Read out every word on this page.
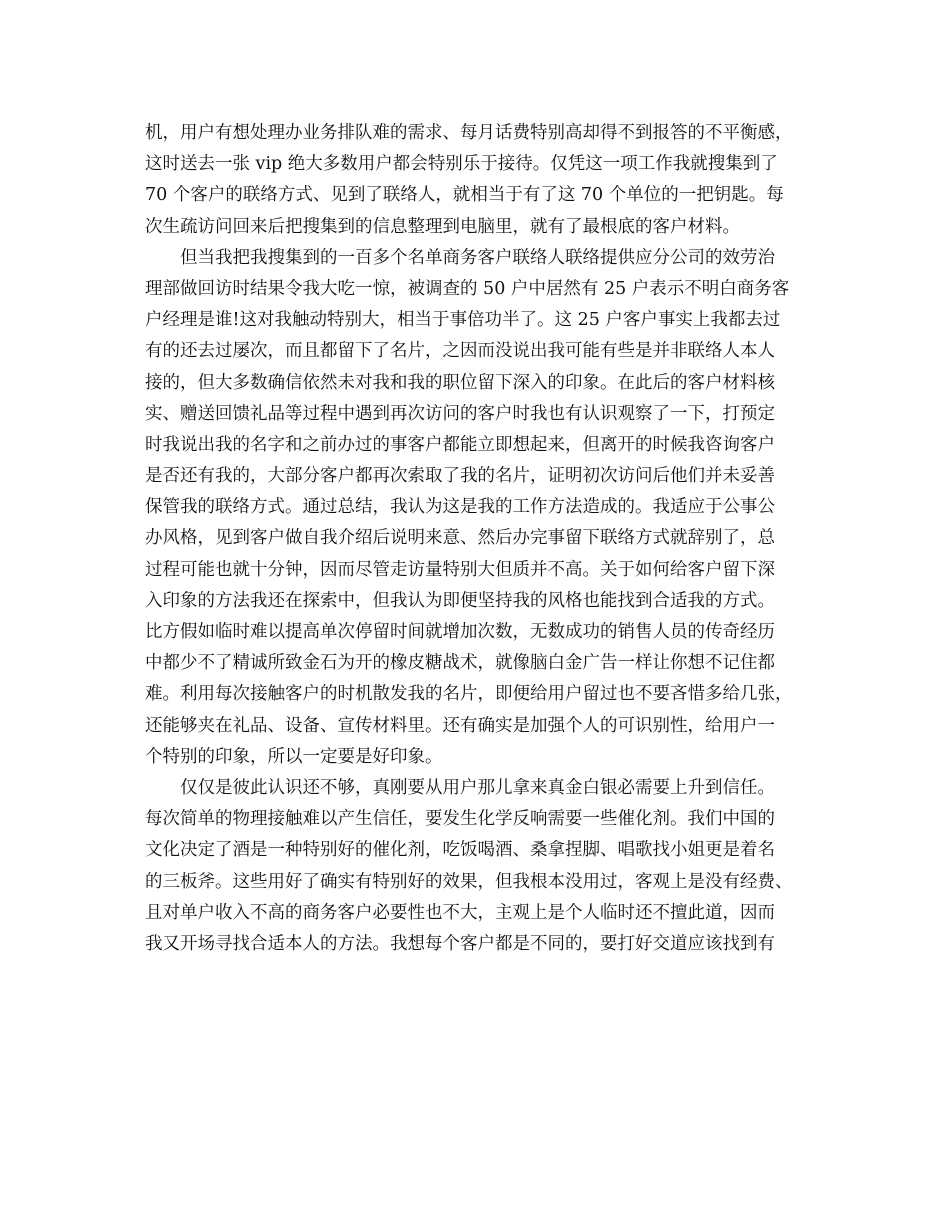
机，用户有想处理办业务排队难的需求、每月话费特别高却得不到报答的不平衡感，
这时送去一张 vip 绝大多数用户都会特别乐于接待。仅凭这一项工作我就搜集到了
70 个客户的联络方式、见到了联络人，就相当于有了这 70 个单位的一把钥匙。每
次生疏访问回来后把搜集到的信息整理到电脑里，就有了最根底的客户材料。
但当我把我搜集到的一百多个名单商务客户联络人联络提供应分公司的效劳治
理部做回访时结果令我大吃一惊，被调查的 50 户中居然有 25 户表示不明白商务客
户经理是谁!这对我触动特别大，相当于事倍功半了。这 25 户客户事实上我都去过
有的还去过屡次，而且都留下了名片，之因而没说出我可能有些是并非联络人本人
接的，但大多数确信依然未对我和我的职位留下深入的印象。在此后的客户材料核
实、赠送回馈礼品等过程中遇到再次访问的客户时我也有认识观察了一下，打预定
时我说出我的名字和之前办过的事客户都能立即想起来，但离开的时候我咨询客户
是否还有我的，大部分客户都再次索取了我的名片，证明初次访问后他们并未妥善
保管我的联络方式。通过总结，我认为这是我的工作方法造成的。我适应于公事公
办风格，见到客户做自我介绍后说明来意、然后办完事留下联络方式就辞别了，总
过程可能也就十分钟，因而尽管走访量特别大但质并不高。关于如何给客户留下深
入印象的方法我还在探索中，但我认为即便坚持我的风格也能找到合适我的方式。
比方假如临时难以提高单次停留时间就增加次数，无数成功的销售人员的传奇经历
中都少不了精诚所致金石为开的橡皮糖战术，就像脑白金广告一样让你想不记住都
难。利用每次接触客户的时机散发我的名片，即便给用户留过也不要吝惜多给几张，
还能够夹在礼品、设备、宣传材料里。还有确实是加强个人的可识别性，给用户一
个特别的印象，所以一定要是好印象。
仅仅是彼此认识还不够，真刚要从用户那儿拿来真金白银必需要上升到信任。
每次简单的物理接触难以产生信任，要发生化学反响需要一些催化剂。我们中国的
文化决定了酒是一种特别好的催化剂，吃饭喝酒、桑拿捏脚、唱歌找小姐更是着名
的三板斧。这些用好了确实有特别好的效果，但我根本没用过，客观上是没有经费、
且对单户收入不高的商务客户必要性也不大，主观上是个人临时还不擅此道，因而
我又开场寻找合适本人的方法。我想每个客户都是不同的，要打好交道应该找到有
